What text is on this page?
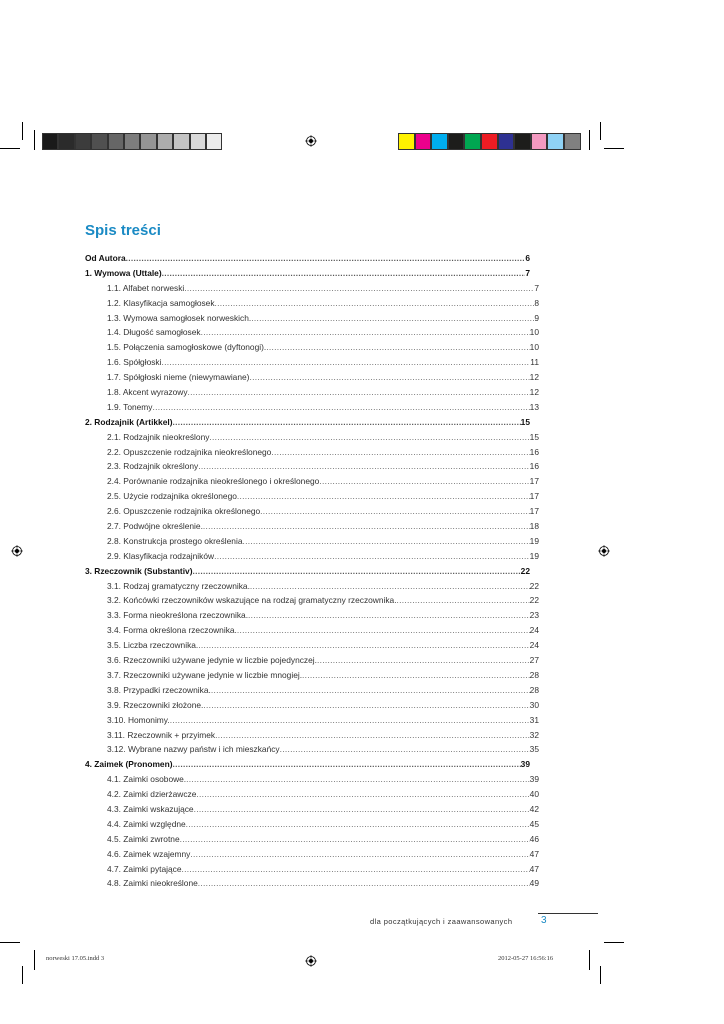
Spis treści
Od Autora .....	6
1. Wymowa (Uttale) .....	7
1.1. Alfabet norweski .....	7
1.2. Klasyfikacja samogłosek .....	8
1.3. Wymowa samogłosek norweskich. .....	9
1.4. Długość samogłosek .....	10
1.5. Połączenia samogłoskowe (dyftonogi). .....	10
1.6. Spółgłoski .....	11
1.7. Spółgłoski nieme (niewymawiane) .....	12
1.8. Akcent wyrazowy .....	12
1.9. Tonemy .....	13
2. Rodzajnik (Artikkel) .....	15
2.1. Rodzajnik nieokreślony .....	15
2.2. Opuszczenie rodzajnika nieokreślonego .....	16
2.3. Rodzajnik określony .....	16
2.4. Porównanie rodzajnika nieokreślonego i określonego .....	17
2.5. Użycie rodzajnika określonego .....	17
2.6. Opuszczenie rodzajnika określonego .....	17
2.7. Podwójne określenie. .....	18
2.8. Konstrukcja prostego określenia .....	19
2.9. Klasyfikacja rodzajników .....	19
3. Rzeczownik (Substantiv) .....	22
3.1. Rodzaj gramatyczny rzeczownika. .....	22
3.2. Końcówki rzeczowników wskazujące na rodzaj gramatyczny rzeczownika. .....	22
3.3. Forma nieokreślona rzeczownika. .....	23
3.4. Forma określona rzeczownika. .....	24
3.5. Liczba rzeczownika. .....	24
3.6. Rzeczowniki używane jedynie w liczbie pojedynczej. .....	27
3.7. Rzeczowniki używane jedynie w liczbie mnogiej. .....	28
3.8. Przypadki rzeczownika. .....	28
3.9. Rzeczowniki złożone. .....	30
3.10. Homonimy. .....	31
3.11. Rzeczownik + przyimek .....	32
3.12. Wybrane nazwy państw i ich mieszkańcy .....	35
4. Zaimek (Pronomen) .....	39
4.1. Zaimki osobowe. .....	39
4.2. Zaimki dzierżawcze .....	40
4.3. Zaimki wskazujące .....	42
4.4. Zaimki względne .....	45
4.5. Zaimki zwrotne .....	46
4.6. Zaimek wzajemny .....	47
4.7. Zaimki pytające .....	47
4.8. Zaimki nieokreślone .....	49
dla początkujących i zaawansowanych	3
norweski 17.05.indd 3	2012-05-27 16:56:16
